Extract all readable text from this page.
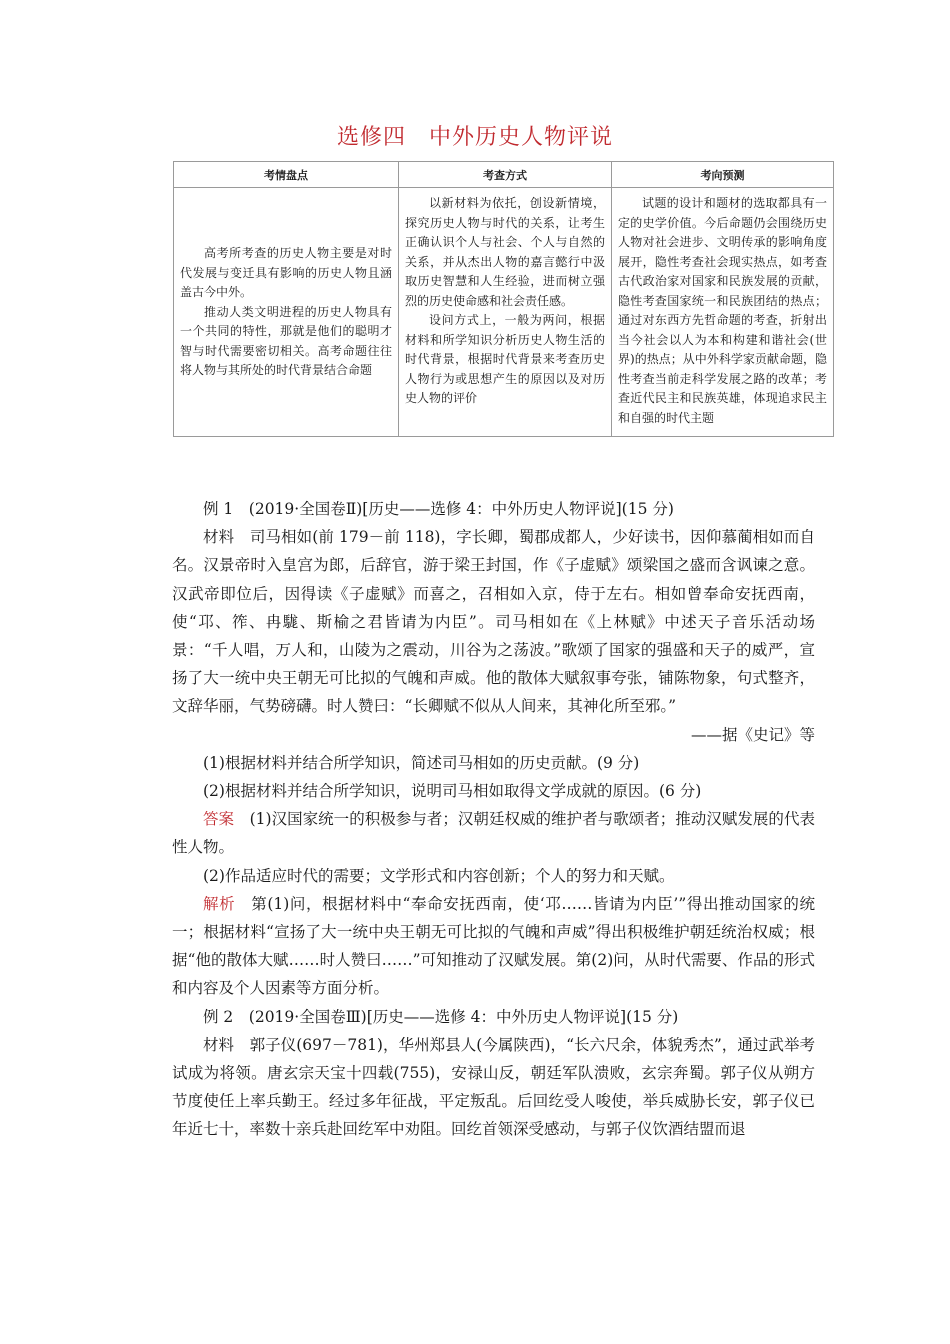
选修四　中外历史人物评说
考情盘点	考查方式	考向预测

高考所考查的历史人物主要是对时代发展与变迁具有影响的历史人物且涵盖古今中外。

推动人类文明进程的历史人物具有一个共同的特性，那就是他们的聪明才智与时代需要密切相关。高考命题往往将人物与其所处的时代背景结合命题

以新材料为依托，创设新情境，探究历史人物与时代的关系，让考生正确认识个人与社会、个人与自然的关系，并从杰出人物的嘉言懿行中汲取历史智慧和人生经验，进而树立强烈的历史使命感和社会责任感。

设问方式上，一般为两问，根据材料和所学知识分析历史人物生活的时代背景，根据时代背景来考查历史人物行为或思想产生的原因以及对历史人物的评价

试题的设计和题材的选取都具有一定的史学价值。今后命题仍会围绕历史人物对社会进步、文明传承的影响角度展开，隐性考查社会现实热点，如考查古代政治家对国家和民族发展的贡献，隐性考查国家统一和民族团结的热点；通过对东西方先哲命题的考查，折射出当今社会以人为本和构建和谐社会(世界)的热点；从中外科学家贡献命题，隐性考查当前走科学发展之路的改革；考查近代民主和民族英雄，体现追求民主和自强的时代主题

例 1　(2019·全国卷Ⅱ)[历史——选修 4：中外历史人物评说](15 分)

材料　司马相如(前 179－前 118)，字长卿，蜀郡成都人，少好读书，因仰慕蔺相如而自名。汉景帝时入皇宫为郎，后辞官，游于梁王封国，作《子虚赋》颂梁国之盛而含讽谏之意。汉武帝即位后，因得读《子虚赋》而喜之，召相如入京，侍于左右。相如曾奉命安抚西南，使“邛、筰、冉駹、斯榆之君皆请为内臣”。司马相如在《上林赋》中述天子音乐活动场景：“千人唱，万人和，山陵为之震动，川谷为之荡波。”歌颂了国家的强盛和天子的威严，宣扬了大一统中央王朝无可比拟的气魄和声威。他的散体大赋叙事夸张，铺陈物象，句式整齐，文辞华丽，气势磅礴。时人赞曰：“长卿赋不似从人间来，其神化所至邪。”

——据《史记》等

(1)根据材料并结合所学知识，简述司马相如的历史贡献。(9 分)

(2)根据材料并结合所学知识，说明司马相如取得文学成就的原因。(6 分)

答案　(1)汉国家统一的积极参与者；汉朝廷权威的维护者与歌颂者；推动汉赋发展的代表性人物。

(2)作品适应时代的需要；文学形式和内容创新；个人的努力和天赋。

解析　第(1)问，根据材料中“奉命安抚西南，使‘邛……皆请为内臣’”得出推动国家的统一；根据材料“宣扬了大一统中央王朝无可比拟的气魄和声威”得出积极维护朝廷统治权威；根据“他的散体大赋……时人赞曰……”可知推动了汉赋发展。第(2)问，从时代需要、作品的形式和内容及个人因素等方面分析。

例 2　(2019·全国卷Ⅲ)[历史——选修 4：中外历史人物评说](15 分)

材料　郭子仪(697－781)，华州郑县人(今属陕西)，“长六尺余，体貌秀杰”，通过武举考试成为将领。唐玄宗天宝十四载(755)，安禄山反，朝廷军队溃败，玄宗奔蜀。郭子仪从朔方节度使任上率兵勤王。经过多年征战，平定叛乱。后回纥受人唆使，举兵威胁长安，郭子仪已年近七十，率数十亲兵赴回纥军中劝阻。回纥首领深受感动，与郭子仪饮酒结盟而退
